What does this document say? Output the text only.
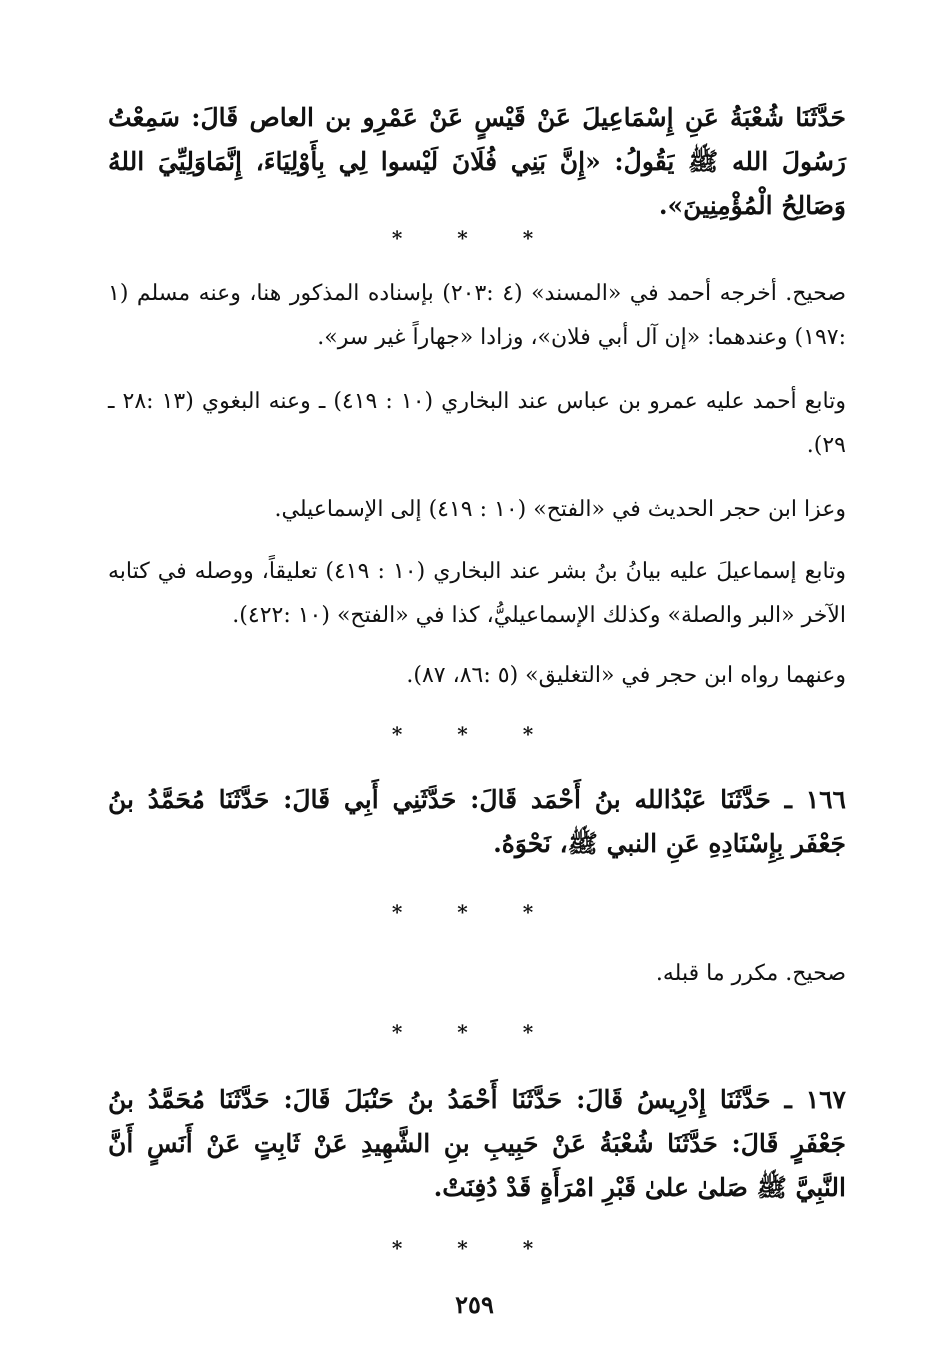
حَدَّثَنَا شُعْبَةُ عَنِ إِسْمَاعِيلَ عَنْ قَيْسٍ عَنْ عَمْرِو بن العاص قَالَ: سَمِعْتُ رَسُولَ الله ﷺ يَقُولُ: «إِنَّ بَنِي فُلَانَ لَيْسوا لِي بِأَوْلِيَاءَ، إِنَّمَاوَلِيِّيَ اللهُ وَصَالِحُ الْمُؤْمِنِينَ».

* * *

صحيح. أخرجه أحمد في «المسند» (٤ :٢٠٣) بإسناده المذكور هنا، وعنه مسلم (١ :١٩٧) وعندهما: «إن آل أبي فلان»، وزادا «جهاراً غير سر».

وتابع أحمد عليه عمرو بن عباس عند البخاري (١٠ : ٤١٩) ـ وعنه البغوي (١٣ :٢٨ ـ ٢٩).

وعزا ابن حجر الحديث في «الفتح» (١٠ : ٤١٩) إلى الإسماعيلي.

وتابع إسماعيلَ عليه بيانُ بنُ بشر عند البخاري (١٠ : ٤١٩) تعليقاً، ووصله في كتابه الآخر «البر والصلة» وكذلك الإسماعيليُّ، كذا في «الفتح» (١٠ :٤٢٢).

وعنهما رواه ابن حجر في «التغليق» (٥ :٨٦، ٨٧).

* * *

١٦٦ ـ حَدَّثَنَا عَبْدُالله بنُ أَحْمَد قَالَ: حَدَّثَنِي أَبِي قَالَ: حَدَّثَنَا مُحَمَّدُ بنُ جَعْفَر بِإِسْنَادِهِ عَنِ النبي ﷺ، نَحْوَهُ.

* * *

صحيح. مكرر ما قبله.

* * *

١٦٧ ـ حَدَّثَنَا إِدْرِيسُ قَالَ: حَدَّثَنَا أَحْمَدُ بنُ حَنْبَلَ قَالَ: حَدَّثَنَا مُحَمَّدُ بنُ جَعْفَرٍ قَالَ: حَدَّثَنَا شُعْبَةُ عَنْ حَبِيبِ بنِ الشَّهِيدِ عَنْ ثَابِتٍ عَنْ أَنَسٍ أَنَّ النَّبِيَّ ﷺ صَلىٰ علىٰ قَبْرِ امْرَأَةٍ قَدْ دُفِنَتْ.

* * *
٢٥٩
